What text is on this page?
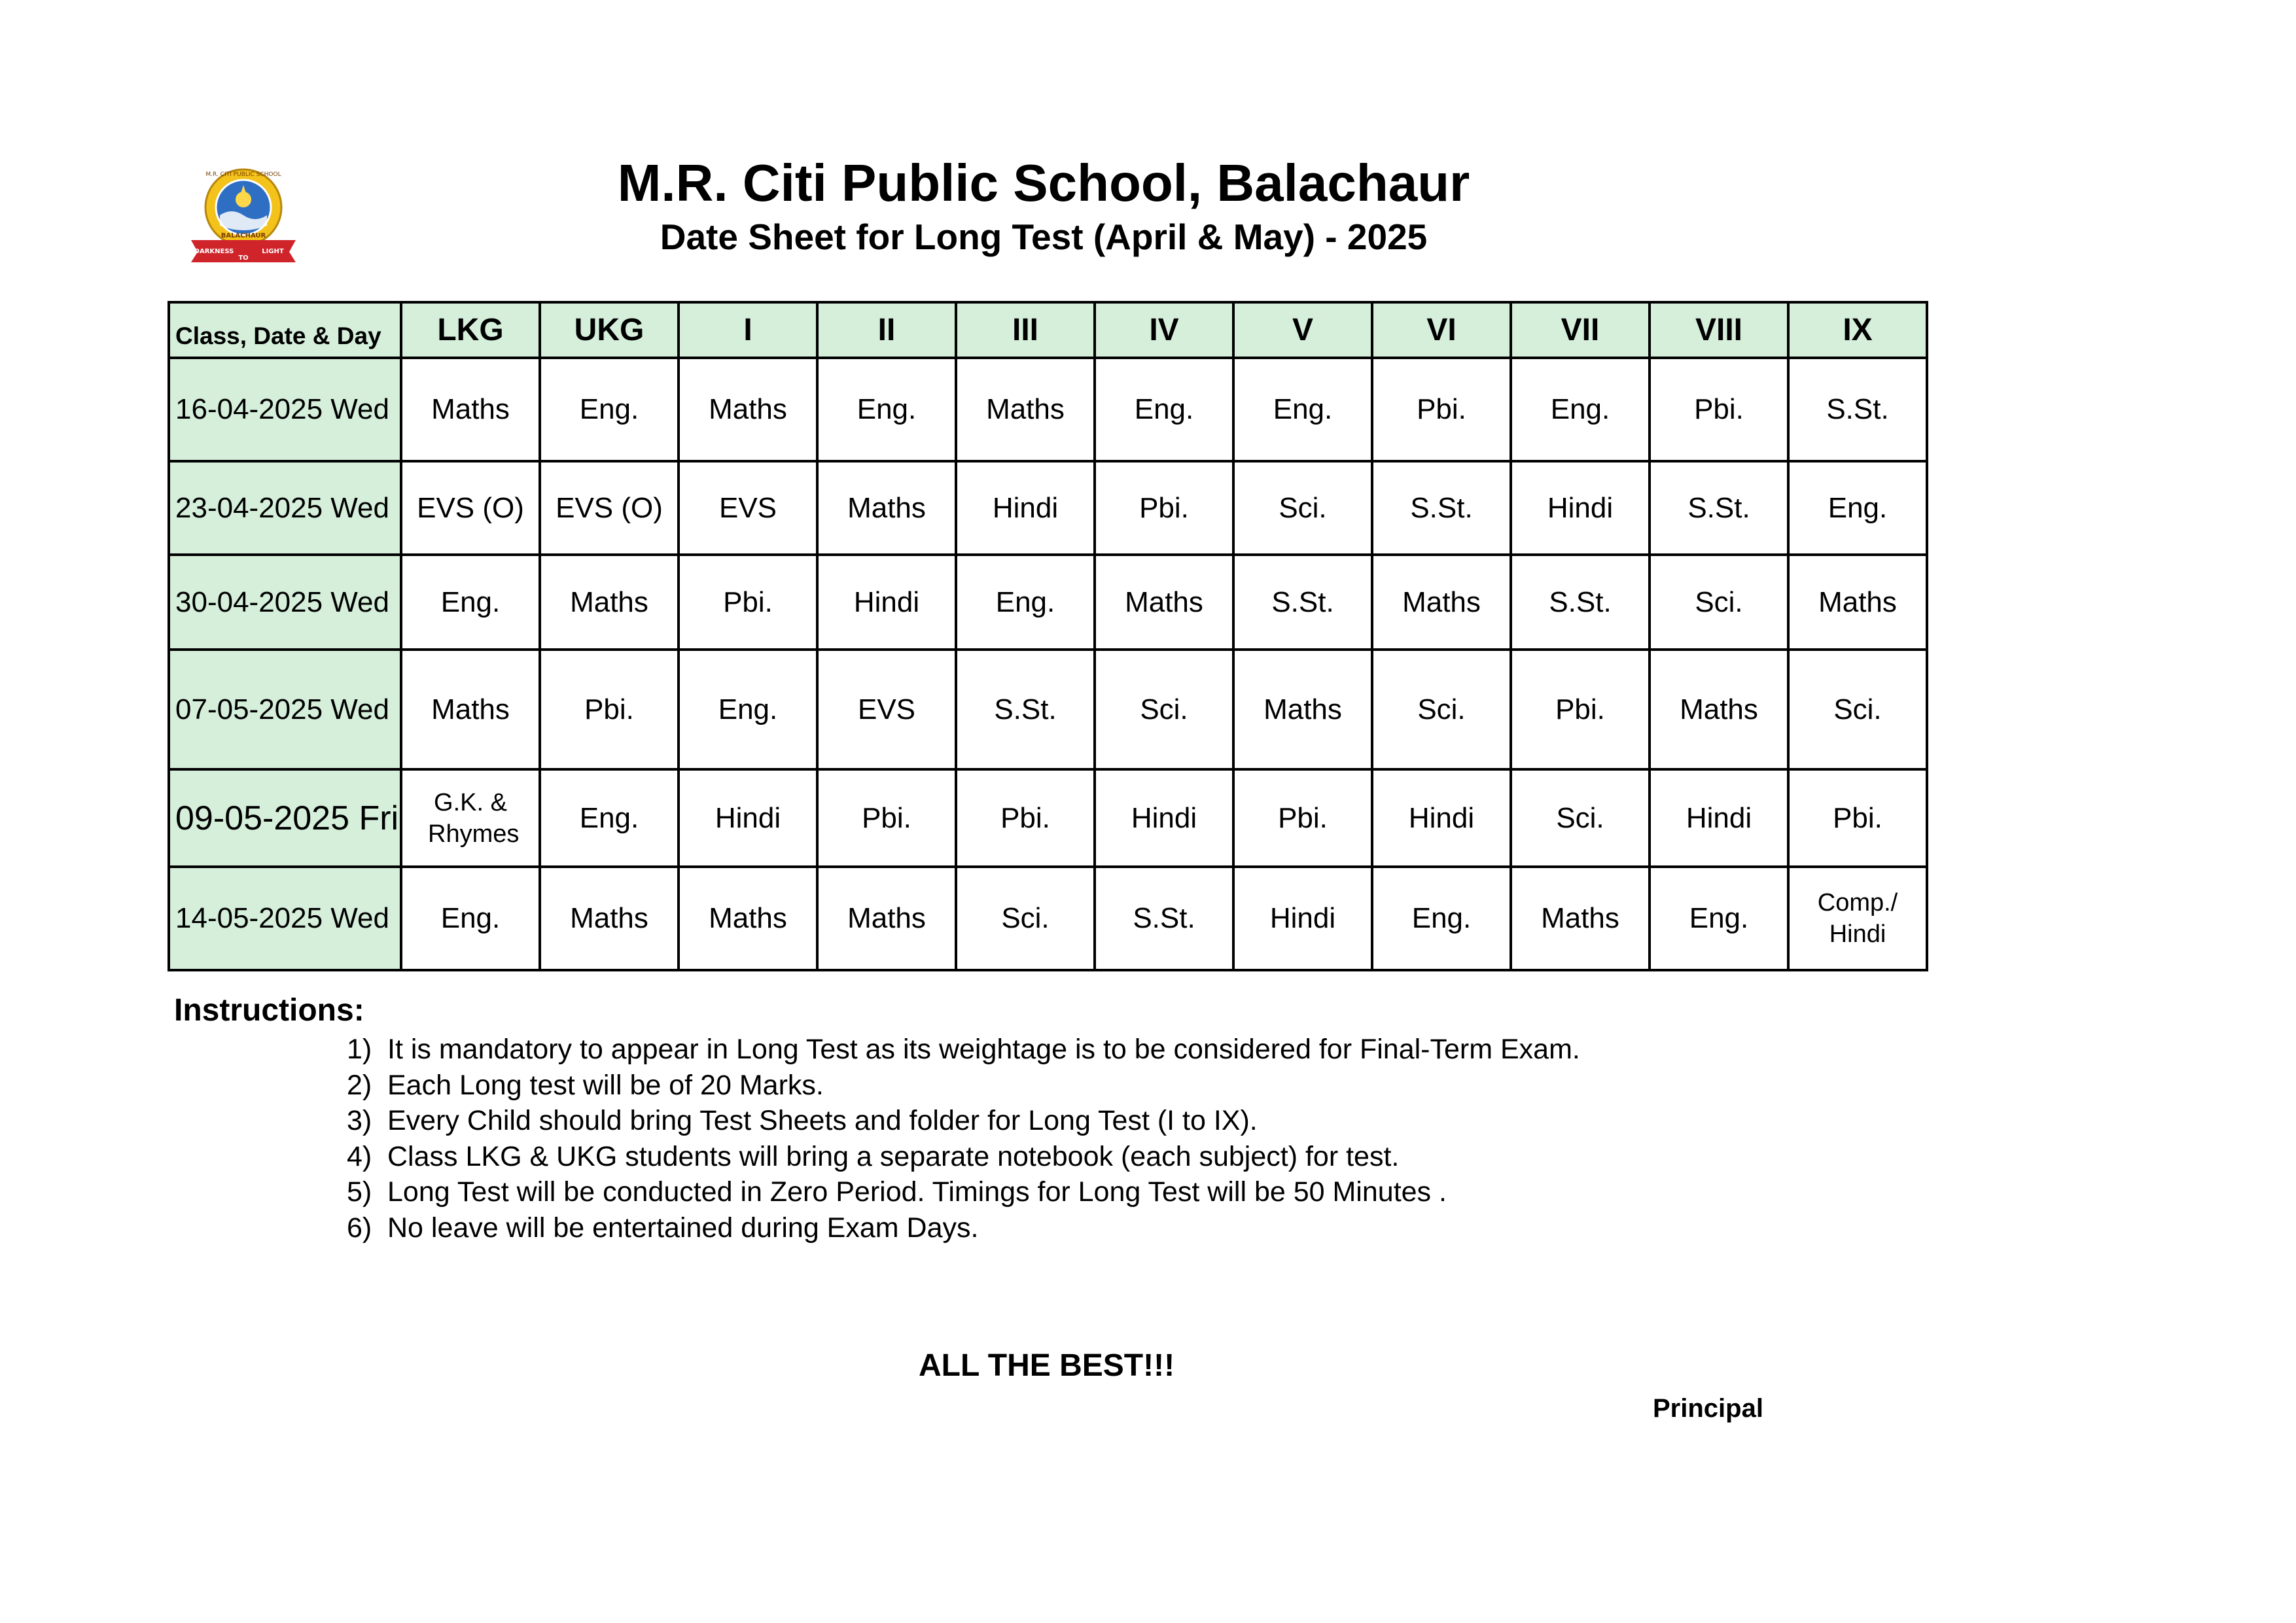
M.R. CITI PUBLIC SCHOOL
BALACHAUR
DARKNESS
TO
LIGHT
M.R. Citi Public School, Balachaur
Date Sheet for Long Test (April & May) - 2025
Class, Date & Day	LKG	UKG	I	II	III	IV	V	VI	VII	VIII	IX
16-04-2025 Wed	Maths	Eng.	Maths	Eng.	Maths	Eng.	Eng.	Pbi.	Eng.	Pbi.	S.St.
23-04-2025 Wed	EVS (O)	EVS (O)	EVS	Maths	Hindi	Pbi.	Sci.	S.St.	Hindi	S.St.	Eng.
30-04-2025 Wed	Eng.	Maths	Pbi.	Hindi	Eng.	Maths	S.St.	Maths	S.St.	Sci.	Maths
07-05-2025 Wed	Maths	Pbi.	Eng.	EVS	S.St.	Sci.	Maths	Sci.	Pbi.	Maths	Sci.
09-05-2025 Fri	G.K. & Rhymes	Eng.	Hindi	Pbi.	Pbi.	Hindi	Pbi.	Hindi	Sci.	Hindi	Pbi.
14-05-2025 Wed	Eng.	Maths	Maths	Maths	Sci.	S.St.	Hindi	Eng.	Maths	Eng.	Comp./ Hindi
Instructions:
1) It is mandatory to appear in Long Test as its weightage is to be considered for Final-Term Exam.
2) Each Long test will be of 20 Marks.
3) Every Child should bring Test Sheets and folder for Long Test (I to IX).
4) Class LKG & UKG students will bring a separate notebook (each subject) for test.
5) Long Test will be conducted in Zero Period. Timings for Long Test will be 50 Minutes .
6) No leave will be entertained during Exam Days.
ALL THE BEST!!!
Principal
